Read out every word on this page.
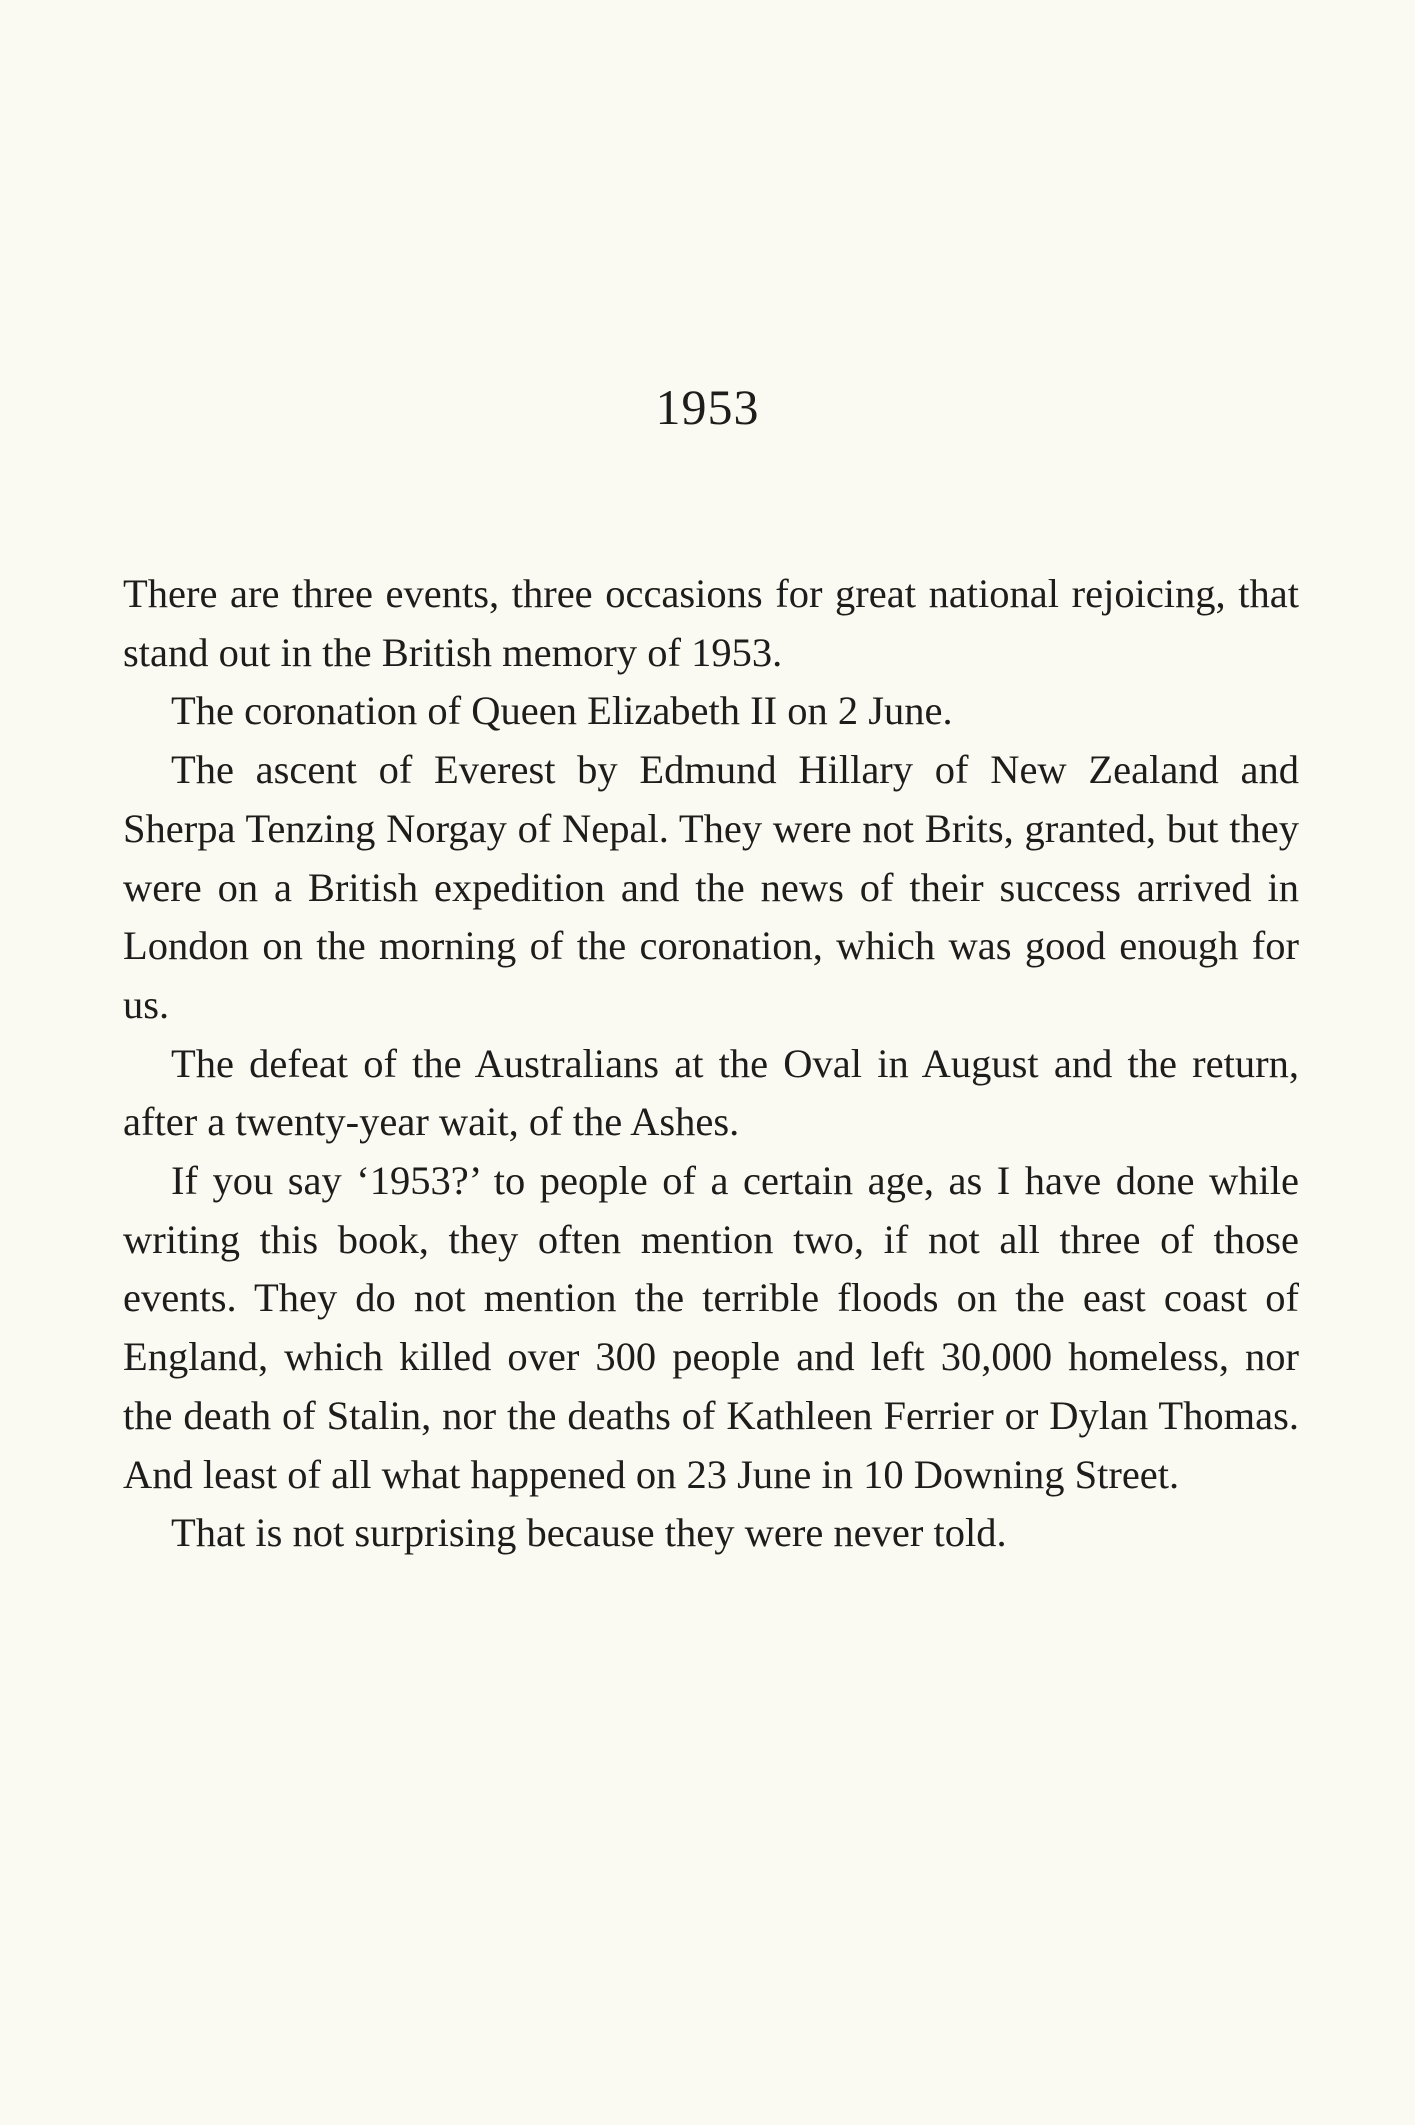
1953

There are three events, three occasions for great national rejoicing, that stand out in the British memory of 1953.

The coronation of Queen Elizabeth II on 2 June.

The ascent of Everest by Edmund Hillary of New Zealand and Sherpa Tenzing Norgay of Nepal. They were not Brits, granted, but they were on a British expedition and the news of their success arrived in London on the morning of the coronation, which was good enough for us.

The defeat of the Australians at the Oval in August and the return, after a twenty-year wait, of the Ashes.

If you say ‘1953?’ to people of a certain age, as I have done while writing this book, they often mention two, if not all three of those events. They do not mention the terrible floods on the east coast of England, which killed over 300 people and left 30,000 homeless, nor the death of Stalin, nor the deaths of Kathleen Ferrier or Dylan Thomas. And least of all what happened on 23 June in 10 Downing Street.

That is not surprising because they were never told.
